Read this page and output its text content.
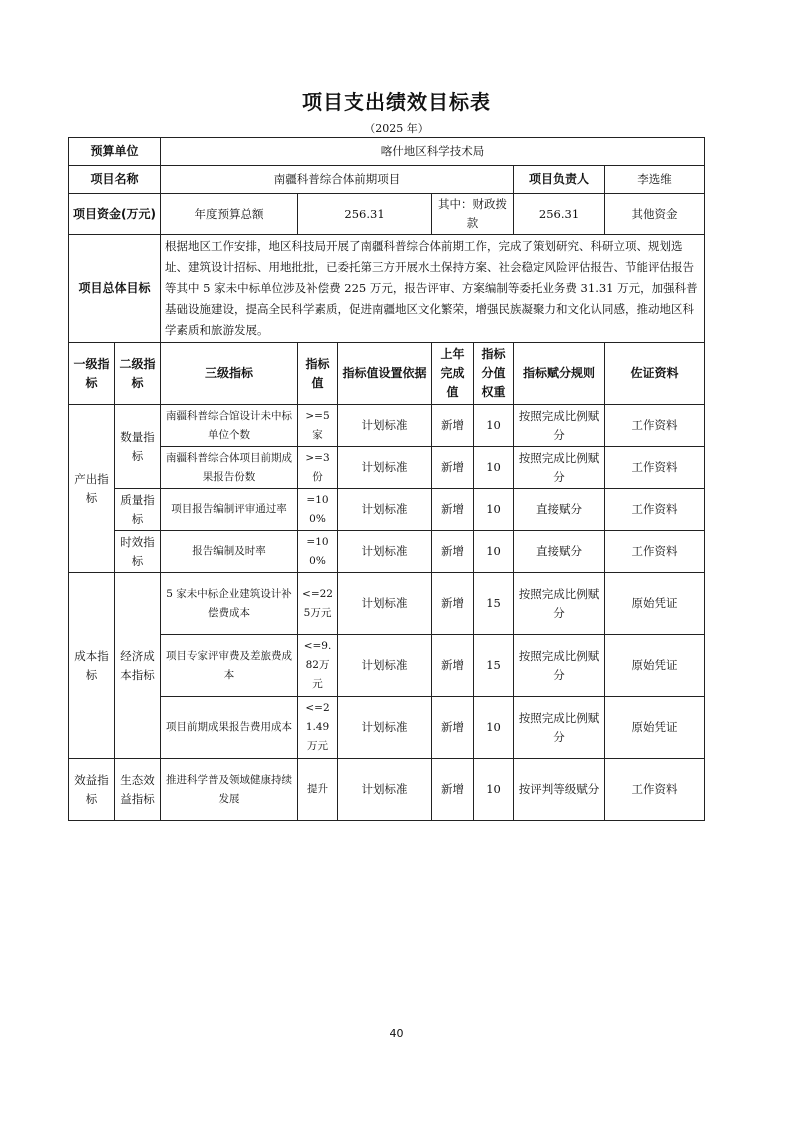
项目支出绩效目标表
（2025 年）
预算单位		喀什地区科学技术局						
项目名称		南疆科普综合体前期项目					项目负责人	李选维
项目资金(万元)		年度预算总额	256.31		其中：财政拨款		256.31	其他资金
项目总体目标		根据地区工作安排，地区科技局开展了南疆科普综合体前期工作，完成了策划研究、科研立项、规划选址、建筑设计招标、用地批批，已委托第三方开展水土保持方案、社会稳定风险评估报告、节能评估报告等其中 5 家未中标单位涉及补偿费 225 万元，报告评审、方案编制等委托业务费 31.31 万元，加强科普基础设施建设，提高全民科学素质，促进南疆地区文化繁荣，增强民族凝聚力和文化认同感，推动地区科学素质和旅游发展。						
一级指标	二级指标	三级指标	指标值	指标值设置依据	上年完成值	指标分值权重	指标赋分规则	佐证资料
产出指标	数量指标	南疆科普综合馆设计未中标单位个数	>=5家	计划标准	新增	10	按照完成比例赋分	工作资料
		南疆科普综合体项目前期成果报告份数	>=3份	计划标准	新增	10	按照完成比例赋分	工作资料
	质量指标	项目报告编制评审通过率	=100%	计划标准	新增	10	直接赋分	工作资料
	时效指标	报告编制及时率	=100%	计划标准	新增	10	直接赋分	工作资料
成本指标	经济成本指标	5 家未中标企业建筑设计补偿费成本	<=225万元	计划标准	新增	15	按照完成比例赋分	原始凭证
		项目专家评审费及差旅费成本	<=9.82万元	计划标准	新增	15	按照完成比例赋分	原始凭证
		项目前期成果报告费用成本	<=21.49万元	计划标准	新增	10	按照完成比例赋分	原始凭证
效益指标	生态效益指标	推进科学普及领域健康持续发展	提升	计划标准	新增	10	按评判等级赋分	工作资料
40
